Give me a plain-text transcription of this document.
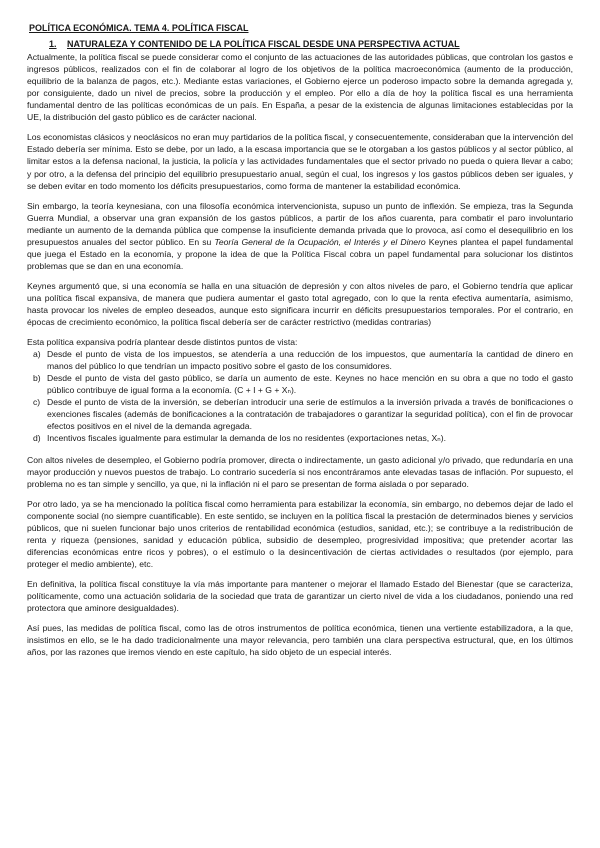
POLÍTICA ECONÓMICA. TEMA 4. POLÍTICA FISCAL
1.	NATURALEZA Y CONTENIDO DE LA POLÍTICA FISCAL DESDE UNA PERSPECTIVA ACTUAL

Actualmente, la política fiscal se puede considerar como el conjunto de las actuaciones de las autoridades públicas, que controlan los gastos e ingresos públicos, realizados con el fin de colaborar al logro de los objetivos de la política macroeconómica (aumento de la producción, equilibrio de la balanza de pagos, etc.). Mediante estas variaciones, el Gobierno ejerce un poderoso impacto sobre la demanda agregada y, por consiguiente, dado un nivel de precios, sobre la producción y el empleo. Por ello a día de hoy la política fiscal es una herramienta fundamental dentro de las políticas económicas de un país. En España, a pesar de la existencia de algunas limitaciones establecidas por la UE, la distribución del gasto público es de carácter nacional.

Los economistas clásicos y neoclásicos no eran muy partidarios de la política fiscal, y consecuentemente, consideraban que la intervención del Estado debería ser mínima. Esto se debe, por un lado, a la escasa importancia que se le otorgaban a los gastos públicos y al sector público, al limitar estos a la defensa nacional, la justicia, la policía y las actividades fundamentales que el sector privado no pueda o quiera llevar a cabo; y por otro, a la defensa del principio del equilibrio presupuestario anual, según el cual, los ingresos y los gastos públicos deben ser iguales, y se deben evitar en todo momento los déficits presupuestarios, como forma de mantener la estabilidad económica.

Sin embargo, la teoría keynesiana, con una filosofía económica intervencionista, supuso un punto de inflexión. Se empieza, tras la Segunda Guerra Mundial, a observar una gran expansión de los gastos públicos, a partir de los años cuarenta, para combatir el paro involuntario mediante un aumento de la demanda pública que compense la insuficiente demanda privada que lo provoca, así como el desequilibrio en los presupuestos anuales del sector público. En su Teoría General de la Ocupación, el Interés y el Dinero Keynes plantea el papel fundamental que juega el Estado en la economía, y propone la idea de que la Política Fiscal cobra un papel fundamental para solucionar los distintos problemas que se dan en una economía.

Keynes argumentó que, si una economía se halla en una situación de depresión y con altos niveles de paro, el Gobierno tendría que aplicar una política fiscal expansiva, de manera que pudiera aumentar el gasto total agregado, con lo que la renta efectiva aumentaría, asimismo, hasta provocar los niveles de empleo deseados, aunque esto significara incurrir en déficits presupuestarios temporales. Por el contrario, en épocas de crecimiento económico, la política fiscal debería ser de carácter restrictivo (medidas contrarias)

Esta política expansiva podría plantear desde distintos puntos de vista:

a) Desde el punto de vista de los impuestos, se atendería a una reducción de los impuestos, que aumentaría la cantidad de dinero en manos del público lo que tendrían un impacto positivo sobre el gasto de los consumidores.
b) Desde el punto de vista del gasto público, se daría un aumento de este. Keynes no hace mención en su obra a que no todo el gasto público contribuye de igual forma a la economía. (C + I + G + Xₙ).
c) Desde el punto de vista de la inversión, se deberían introducir una serie de estímulos a la inversión privada a través de bonificaciones o exenciones fiscales (además de bonificaciones a la contratación de trabajadores o garantizar la seguridad política), con el fin de provocar efectos positivos en el nivel de la demanda agregada.
d) Incentivos fiscales igualmente para estimular la demanda de los no residentes (exportaciones netas, Xₙ).

Con altos niveles de desempleo, el Gobierno podría promover, directa o indirectamente, un gasto adicional y/o privado, que redundaría en una mayor producción y nuevos puestos de trabajo. Lo contrario sucedería si nos encontráramos ante elevadas tasas de inflación. Por supuesto, el problema no es tan simple y sencillo, ya que, ni la inflación ni el paro se presentan de forma aislada o por separado.

Por otro lado, ya se ha mencionado la política fiscal como herramienta para estabilizar la economía, sin embargo, no debemos dejar de lado el componente social (no siempre cuantificable). En este sentido, se incluyen en la política fiscal la prestación de determinados bienes y servicios públicos, que ni suelen funcionar bajo unos criterios de rentabilidad económica (estudios, sanidad, etc.); se contribuye a la redistribución de renta y riqueza (pensiones, sanidad y educación pública, subsidio de desempleo, progresividad impositiva; que pretender acortar las diferencias económicas entre ricos y pobres), o el estímulo o la desincentivación de ciertas actividades o resultados (por ejemplo, para proteger el medio ambiente), etc.

En definitiva, la política fiscal constituye la vía más importante para mantener o mejorar el llamado Estado del Bienestar (que se caracteriza, políticamente, como una actuación solidaria de la sociedad que trata de garantizar un cierto nivel de vida a los ciudadanos, poniendo una red protectora que aminore desigualdades).

Así pues, las medidas de política fiscal, como las de otros instrumentos de política económica, tienen una vertiente estabilizadora, a la que, insistimos en ello, se le ha dado tradicionalmente una mayor relevancia, pero también una clara perspectiva estructural, que, en los últimos años, por las razones que iremos viendo en este capítulo, ha sido objeto de un especial interés.
